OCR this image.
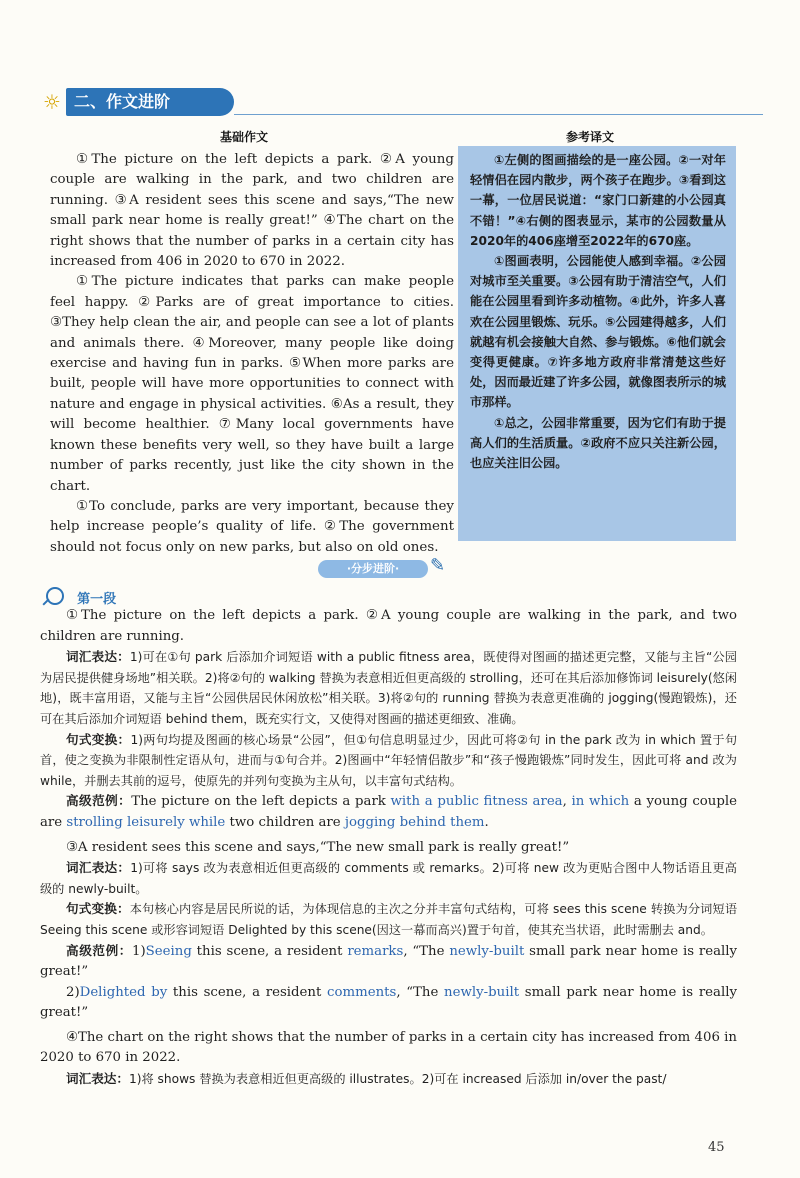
☼ 二、作文进阶
基础作文	参考译文

①The picture on the left depicts a park. ②A young couple are walking in the park, and two children are running. ③A resident sees this scene and says,“The new small park near home is really great!” ④The chart on the right shows that the number of parks in a certain city has increased from 406 in 2020 to 670 in 2022.

①The picture indicates that parks can make people feel happy. ②Parks are of great importance to cities. ③They help clean the air, and people can see a lot of plants and animals there. ④Moreover, many people like doing exercise and having fun in parks. ⑤When more parks are built, people will have more opportunities to connect with nature and engage in physical activities. ⑥As a result, they will become healthier. ⑦Many local governments have known these benefits very well, so they have built a large number of parks recently, just like the city shown in the chart.

①To conclude, parks are very important, because they help increase people’s quality of life. ②The government should not focus only on new parks, but also on old ones.

①左侧的图画描绘的是一座公园。②一对年轻情侣在园内散步，两个孩子在跑步。③看到这一幕，一位居民说道：“家门口新建的小公园真不错！”④右侧的图表显示，某市的公园数量从2020年的406座增至2022年的670座。

①图画表明，公园能使人感到幸福。②公园对城市至关重要。③公园有助于清洁空气，人们能在公园里看到许多动植物。④此外，许多人喜欢在公园里锻炼、玩乐。⑤公园建得越多，人们就越有机会接触大自然、参与锻炼。⑥他们就会变得更健康。⑦许多地方政府非常清楚这些好处，因而最近建了许多公园，就像图表所示的城市那样。

①总之，公园非常重要，因为它们有助于提高人们的生活质量。②政府不应只关注新公园，也应关注旧公园。

·分步进阶·	✎
第一段

①The picture on the left depicts a park. ②A young couple are walking in the park, and two children are running.

词汇表达：1)可在①句 park 后添加介词短语 with a public fitness area，既使得对图画的描述更完整，又能与主旨“公园为居民提供健身场地”相关联。2)将②句的 walking 替换为表意相近但更高级的 strolling，还可在其后添加修饰词 leisurely(悠闲地)，既丰富用语，又能与主旨“公园供居民休闲放松”相关联。3)将②句的 running 替换为表意更准确的 jogging(慢跑锻炼)，还可在其后添加介词短语 behind them，既充实行文，又使得对图画的描述更细致、准确。

句式变换：1)两句均提及图画的核心场景“公园”，但①句信息明显过少，因此可将②句 in the park 改为 in which 置于句首，使之变换为非限制性定语从句，进而与①句合并。2)图画中“年轻情侣散步”和“孩子慢跑锻炼”同时发生，因此可将 and 改为 while，并删去其前的逗号，使原先的并列句变换为主从句，以丰富句式结构。

高级范例：The picture on the left depicts a park with a public fitness area, in which a young couple are strolling leisurely while two children are jogging behind them.

③A resident sees this scene and says,“The new small park is really great!”

词汇表达：1)可将 says 改为表意相近但更高级的 comments 或 remarks。2)可将 new 改为更贴合图中人物话语且更高级的 newly-built。

句式变换：本句核心内容是居民所说的话，为体现信息的主次之分并丰富句式结构，可将 sees this scene 转换为分词短语 Seeing this scene 或形容词短语 Delighted by this scene(因这一幕而高兴)置于句首，使其充当状语，此时需删去 and。

高级范例：1)Seeing this scene, a resident remarks, “The newly-built small park near home is really great!”

2)Delighted by this scene, a resident comments, “The newly-built small park near home is really great!”

④The chart on the right shows that the number of parks in a certain city has increased from 406 in 2020 to 670 in 2022.

词汇表达：1)将 shows 替换为表意相近但更高级的 illustrates。2)可在 increased 后添加 in/over the past/

45
